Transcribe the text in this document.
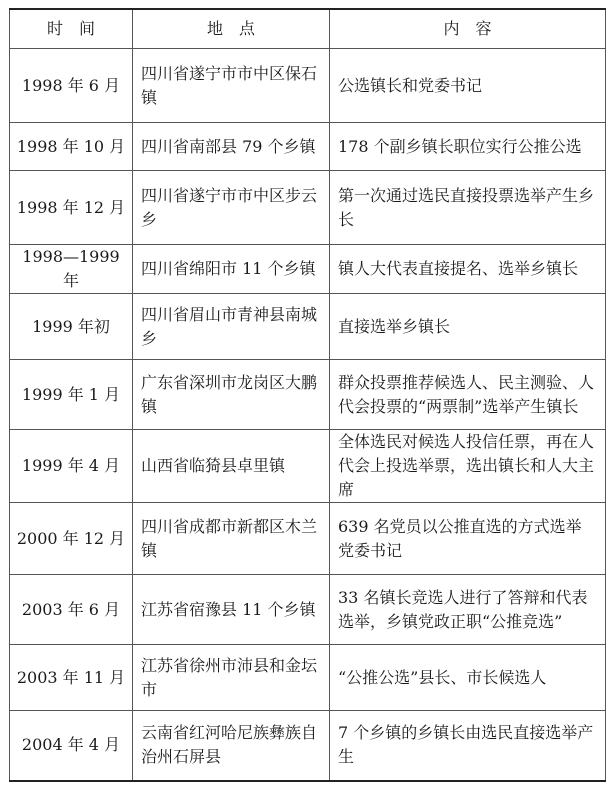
时　间	地　点	内　容
1998 年 6 月	四川省遂宁市市中区保石镇	公选镇长和党委书记
1998 年 10 月	四川省南部县 79 个乡镇	178 个副乡镇长职位实行公推公选
1998 年 12 月	四川省遂宁市市中区步云乡	第一次通过选民直接投票选举产生乡长
1998—1999 年	四川省绵阳市 11 个乡镇	镇人大代表直接提名、选举乡镇长
1999 年初	四川省眉山市青神县南城乡	直接选举乡镇长
1999 年 1 月	广东省深圳市龙岗区大鹏镇	群众投票推荐候选人、民主测验、人代会投票的“两票制”选举产生镇长
1999 年 4 月	山西省临猗县卓里镇	全体选民对候选人投信任票，再在人代会上投选举票，选出镇长和人大主席
2000 年 12 月	四川省成都市新都区木兰镇	639 名党员以公推直选的方式选举党委书记
2003 年 6 月	江苏省宿豫县 11 个乡镇	33 名镇长竞选人进行了答辩和代表选举，乡镇党政正职“公推竞选”
2003 年 11 月	江苏省徐州市沛县和金坛市	“公推公选”县长、市长候选人
2004 年 4 月	云南省红河哈尼族彝族自治州石屏县	7 个乡镇的乡镇长由选民直接选举产生
